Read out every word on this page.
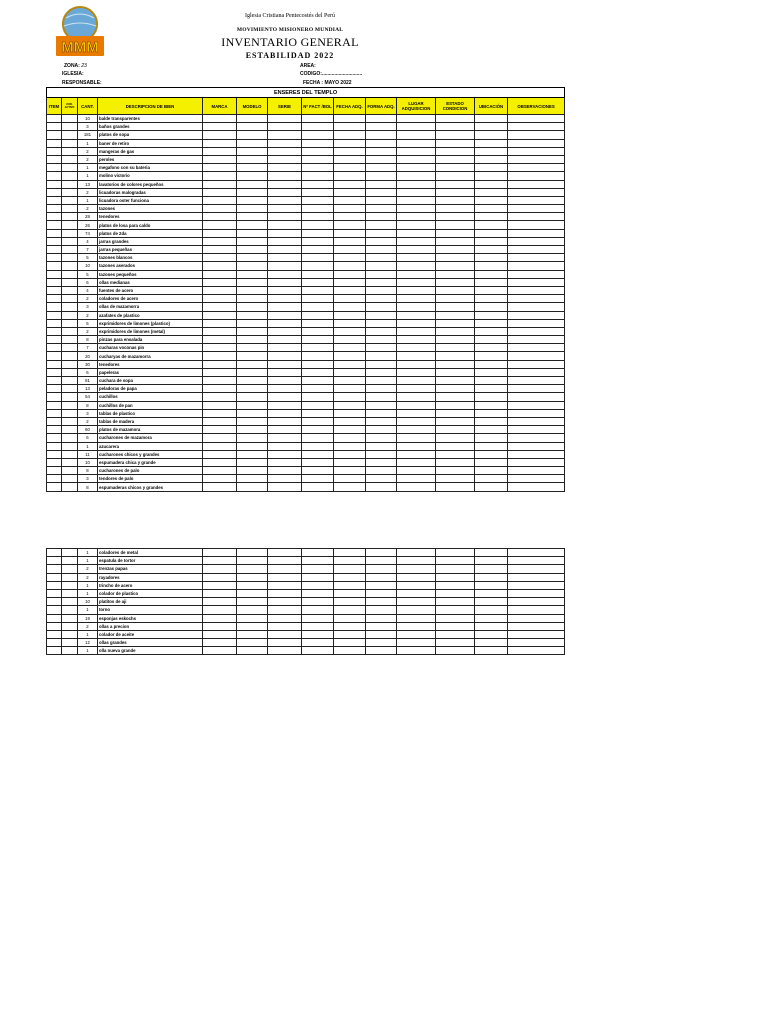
MMM
Iglesia Cristiana Pentecostés del Perú
MOVIMIENTO MISIONERO MUNDIAL
INVENTARIO GENERAL
ESTABILIDAD 2022
ZONA: 23
IGLESIA:
RESPONSABLE:
AREA:
CODIGO:.............................
FECHA : MAYO 2022
ENSERES DEL TEMPLO													
ITEM	COD. ACTIVO	CANT.	DESCRIPCION DE BIEN	MARCA	MODELO	SERIE	Nº FACT /BOL	FECHA ADQ.	FORMA ADQ.	LUGAR ADQUISICION	ESTADO CONDICION	UBICACIÓN	OBSERVACIONES
		10	balde transparentes										
		3	baños grandes										
		181	platos de sopa										
		1	baner de retiro										
		2	mangeras de gas										
		2	peroles										
		1	megafono con su bateria										
		1	molino victorio										
		13	lavatorios de colores pequeños										
		2	licuadoras malogradas										
		1	licuadora oster funciona										
		2	tazones										
		28	tenedores										
		26	platos de losa para caldo										
		74	platos de 2da										
		4	jarras grandes										
		7	jarras pequeñas										
		5	tazones blancos										
		10	tazones aserados										
		5	tazones pequeños										
		6	ollas medianas										
		4	fuentes de acero										
		2	coladores de acero										
		3	ollas de mazamorra										
		2	azafates de plastico										
		5	exprimidores de limones (plastico)										
		2	exprimidores de limones (metal)										
		8	pinzas para ensalada										
		7	cucharas voconas pin										
		20	cucharyas de mazamorra										
		30	tenedores										
		6	papeleras										
		81	cuchara de sopa										
		13	peladoras de papa										
		54	cuchillos										
		8	cuchillos de pan										
		3	tablas de plastico										
		2	tablas de madera										
		60	platos de mazamora										
		6	cucharones de mazamora										
		1	azucarera										
		11	cucharones chicos y grandes										
		10	espumadera chica y grande										
		8	cucharones de palo										
		3	tendores de palo										
		8	espumaderas chicos y grandes										
		1	coladores de metal										
		1	espatula de tortor										
		2	trenzas papas										
		2	rayadores										
		1	trincho de acero										
		1	colador de plastico										
		10	platitos de aji										
		1	torno										
		19	esponjas eskochs										
		2	ollas a precion										
		1	colador de aceite										
		12	ollas grandes										
		1	olla nueva grande										
